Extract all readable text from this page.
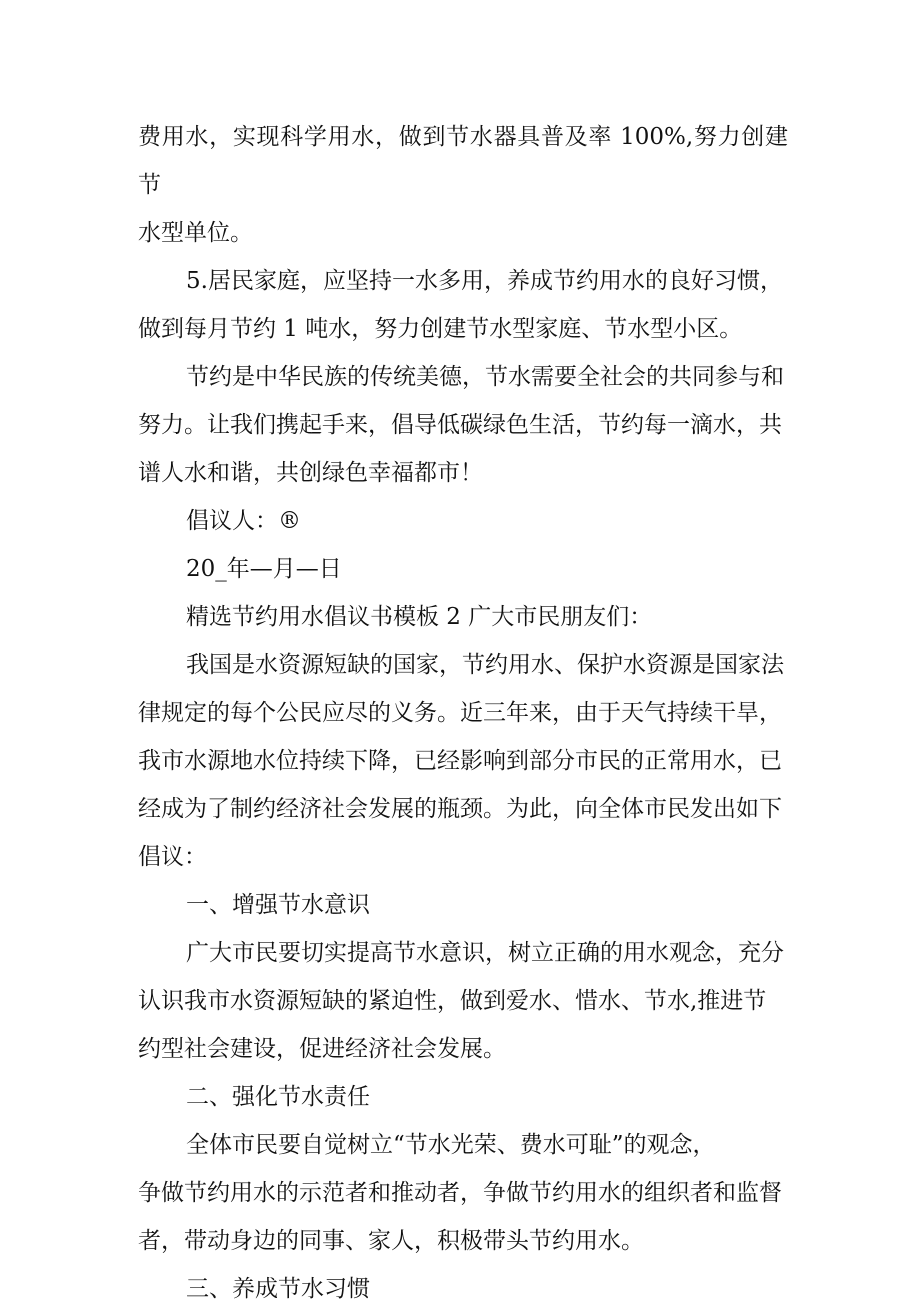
费用水，实现科学用水，做到节水器具普及率 100%,努力创建节
水型单位。

5.居民家庭，应坚持一水多用，养成节约用水的良好习惯，
做到每月节约 1 吨水，努力创建节水型家庭、节水型小区。

节约是中华民族的传统美德，节水需要全社会的共同参与和
努力。让我们携起手来，倡导低碳绿色生活，节约每一滴水，共
谱人水和谐，共创绿色幸福都市！

倡议人：®

20_年—月—日

精选节约用水倡议书模板 2 广大市民朋友们：

我国是水资源短缺的国家，节约用水、保护水资源是国家法
律规定的每个公民应尽的义务。近三年来，由于天气持续干旱，
我市水源地水位持续下降，已经影响到部分市民的正常用水，已
经成为了制约经济社会发展的瓶颈。为此，向全体市民发出如下
倡议：

一、增强节水意识

广大市民要切实提高节水意识，树立正确的用水观念，充分
认识我市水资源短缺的紧迫性，做到爱水、惜水、节水,推进节
约型社会建设，促进经济社会发展。

二、强化节水责任

全体市民要自觉树立“节水光荣、费水可耻”的观念，
争做节约用水的示范者和推动者，争做节约用水的组织者和监督
者，带动身边的同事、家人，积极带头节约用水。

三、养成节水习惯
